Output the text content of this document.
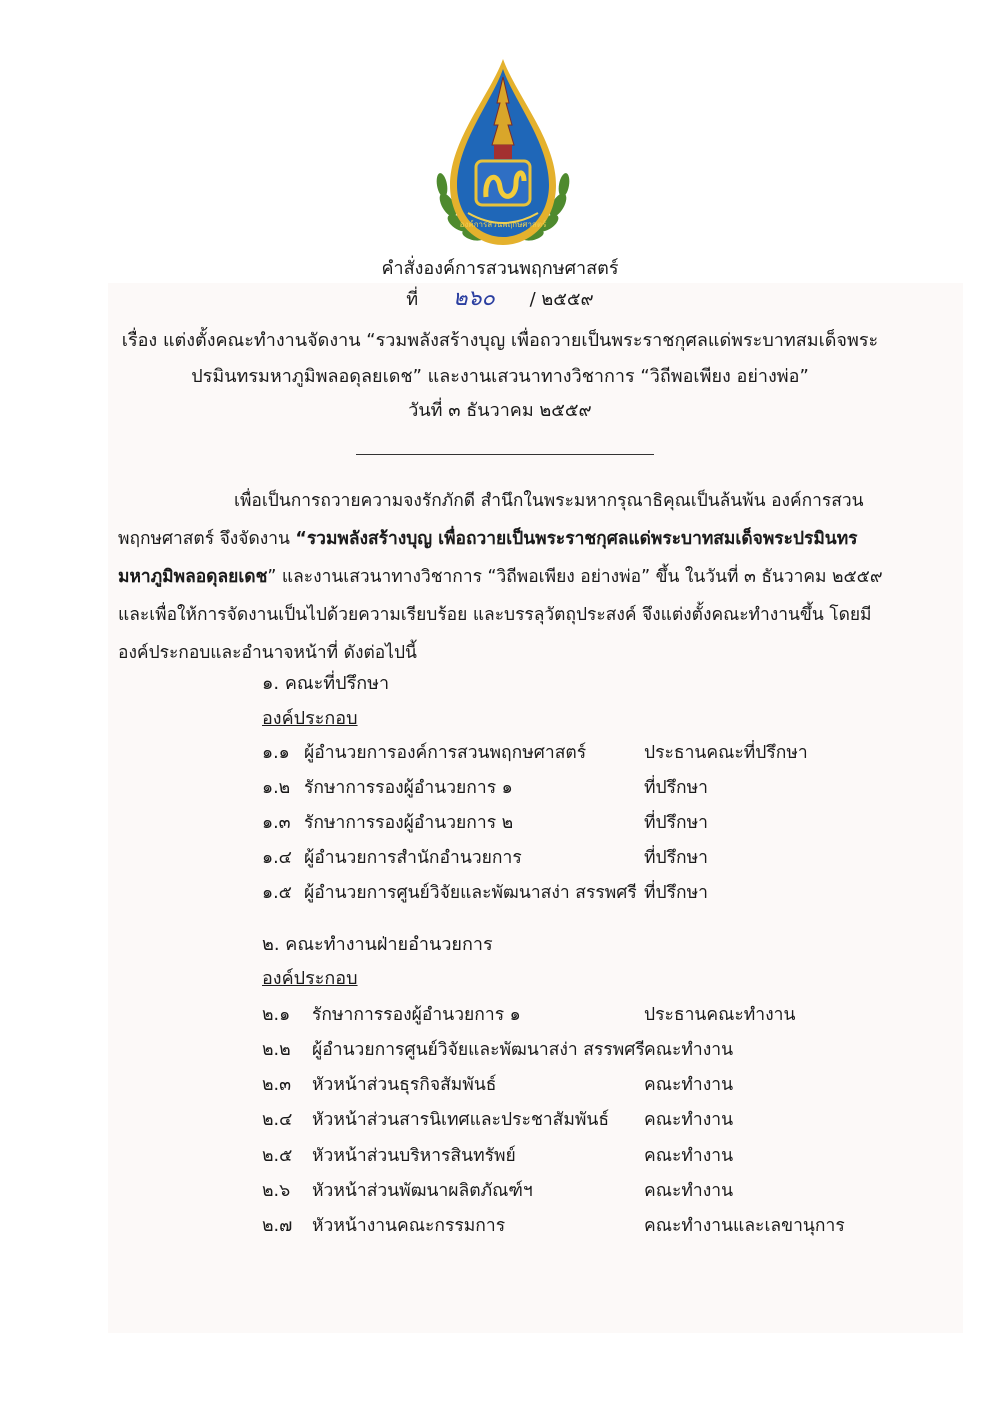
องค์การสวนพฤกษศาสตร์
คำสั่งองค์การสวนพฤกษศาสตร์
ที่ ๒๖๐ / ๒๕๕๙
เรื่อง แต่งตั้งคณะทำงานจัดงาน “รวมพลังสร้างบุญ เพื่อถวายเป็นพระราชกุศลแด่พระบาทสมเด็จพระ
ปรมินทรมหาภูมิพลอดุลยเดช” และงานเสวนาทางวิชาการ “วิถีพอเพียง อย่างพ่อ”
วันที่ ๓ ธันวาคม ๒๕๕๙
เพื่อเป็นการถวายความจงรักภักดี สำนึกในพระมหากรุณาธิคุณเป็นล้นพ้น องค์การสวน
พฤกษศาสตร์ จึงจัดงาน “รวมพลังสร้างบุญ เพื่อถวายเป็นพระราชกุศลแด่พระบาทสมเด็จพระปรมินทร
มหาภูมิพลอดุลยเดช” และงานเสวนาทางวิชาการ “วิถีพอเพียง อย่างพ่อ” ขึ้น ในวันที่ ๓ ธันวาคม ๒๕๕๙
และเพื่อให้การจัดงานเป็นไปด้วยความเรียบร้อย และบรรลุวัตถุประสงค์ จึงแต่งตั้งคณะทำงานขึ้น โดยมี
องค์ประกอบและอำนาจหน้าที่ ดังต่อไปนี้
๑. คณะที่ปรึกษา
องค์ประกอบ
๑.๑ ผู้อำนวยการองค์การสวนพฤกษศาสตร์	ประธานคณะที่ปรึกษา
๑.๒ รักษาการรองผู้อำนวยการ ๑	ที่ปรึกษา
๑.๓ รักษาการรองผู้อำนวยการ ๒	ที่ปรึกษา
๑.๔ ผู้อำนวยการสำนักอำนวยการ	ที่ปรึกษา
๑.๕ ผู้อำนวยการศูนย์วิจัยและพัฒนาสง่า สรรพศรี ที่ปรึกษา
๒. คณะทำงานฝ่ายอำนวยการ
องค์ประกอบ
๒.๑ รักษาการรองผู้อำนวยการ ๑	ประธานคณะทำงาน
๒.๒ ผู้อำนวยการศูนย์วิจัยและพัฒนาสง่า สรรพศรี คณะทำงาน
๒.๓ หัวหน้าส่วนธุรกิจสัมพันธ์	คณะทำงาน
๒.๔ หัวหน้าส่วนสารนิเทศและประชาสัมพันธ์ คณะทำงาน
๒.๕ หัวหน้าส่วนบริหารสินทรัพย์	คณะทำงาน
๒.๖ หัวหน้าส่วนพัฒนาผลิตภัณฑ์ฯ	คณะทำงาน
๒.๗ หัวหน้างานคณะกรรมการ	คณะทำงานและเลขานุการ
